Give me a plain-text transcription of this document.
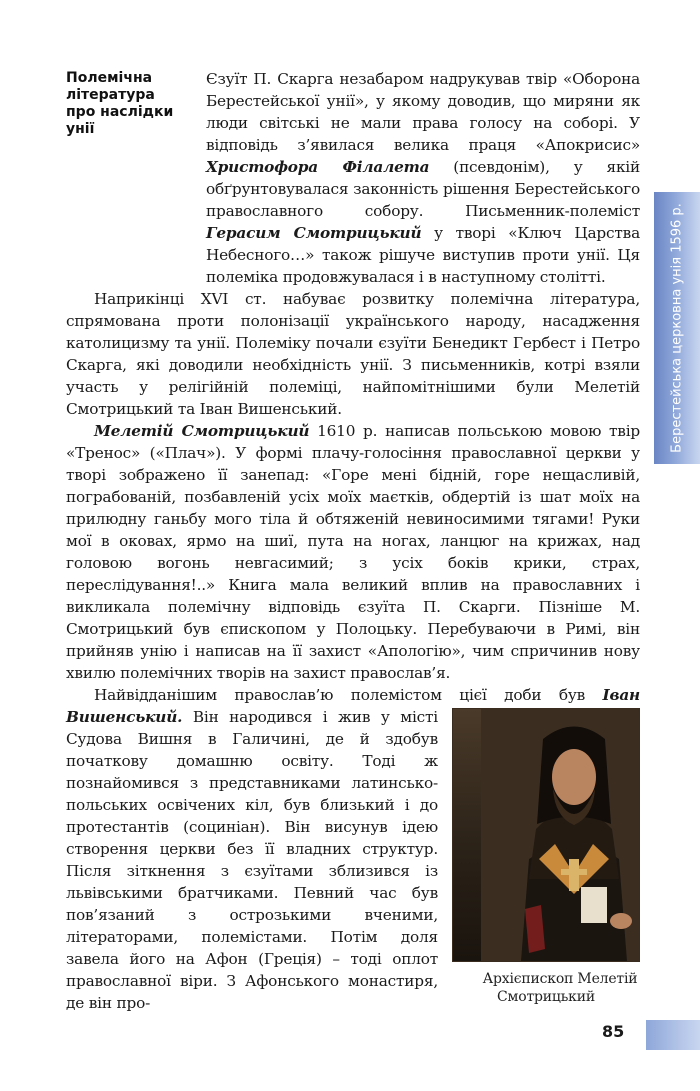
Берестейська церковна унія 1596 р.
Полемічна література про наслідки унії

Єзуїт П. Скарга незабаром надрукував твір «Оборона Берестейської унії», у якому доводив, що миряни як люди світські не мали права голосу на соборі. У відповідь з’явилася велика праця «Апокрисис» Христофора Філалета (псевдонім), у якій обґрунтовувалася законність рішення Берестейського православного собору. Письменник-полеміст Герасим Смотрицький у творі «Ключ Царства Небесного…» також рішуче виступив проти унії. Ця полеміка продовжувалася і в наступному столітті.

Наприкінці XVI ст. набуває розвитку полемічна література, спрямована проти полонізації українського народу, насадження католицизму та унії. Полеміку почали єзуїти Бенедикт Гербест і Петро Скарга, які доводили необхідність унії. З письменників, котрі взяли участь у релігійній полеміці, найпомітнішими були Мелетій Смотрицький та Іван Вишенський.

Мелетій Смотрицький 1610 р. написав польською мовою твір «Тренос» («Плач»). У формі плачу-голосіння православної церкви у творі зображено її занепад: «Горе мені бідній, горе нещасливій, пограбованій, позбавленій усіх моїх маєтків, обдертій із шат моїх на прилюдну ганьбу мого тіла й обтяженій невиносимими тягами! Руки мої в оковах, ярмо на шиї, пута на ногах, ланцюг на крижах, над головою вогонь невгасимий; з усіх боків крики, страх, переслідування!..» Книга мала великий вплив на православних і викликала полемічну відповідь єзуїта П. Скарги. Пізніше М. Смотрицький був єпископом у Полоцьку. Перебуваючи в Римі, він прийняв унію і написав на її захист «Апологію», чим спричинив нову хвилю полемічних творів на захист православ’я.

Найвідданішим православ’ю полемістом цієї доби був Іван Вишенський.
Архієпископ Мелетій
Смотрицький
Він народився і жив у місті Судова Вишня в Галичині, де й здобув початкову домашню освіту. Тоді ж познайомився з представниками латинсько-польських освічених кіл, був близький і до протестантів (социніан). Він висунув ідею створення церкви без її владних структур. Після зіткнення з єзуїтами зблизився із львівськими братчиками. Певний час був пов’язаний з острозькими вченими, літераторами, полемістами. Потім доля завела його на Афон (Греція) – тоді оплот православної віри. З Афонського монастиря, де він про-

85
